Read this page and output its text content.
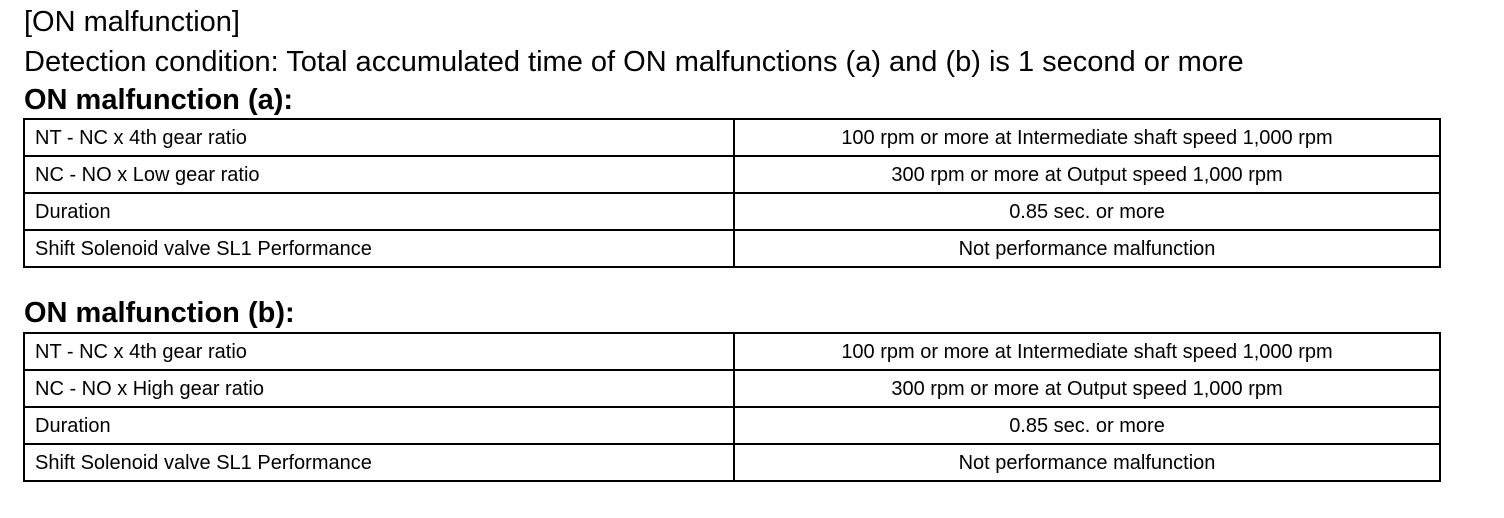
[ON malfunction]
Detection condition: Total accumulated time of ON malfunctions (a) and (b) is 1 second or more
ON malfunction (a):
NT - NC x 4th gear ratio	100 rpm or more at Intermediate shaft speed 1,000 rpm
NC - NO x Low gear ratio	300 rpm or more at Output speed 1,000 rpm
Duration	0.85 sec. or more
Shift Solenoid valve SL1 Performance	Not performance malfunction
ON malfunction (b):
NT - NC x 4th gear ratio	100 rpm or more at Intermediate shaft speed 1,000 rpm
NC - NO x High gear ratio	300 rpm or more at Output speed 1,000 rpm
Duration	0.85 sec. or more
Shift Solenoid valve SL1 Performance	Not performance malfunction
